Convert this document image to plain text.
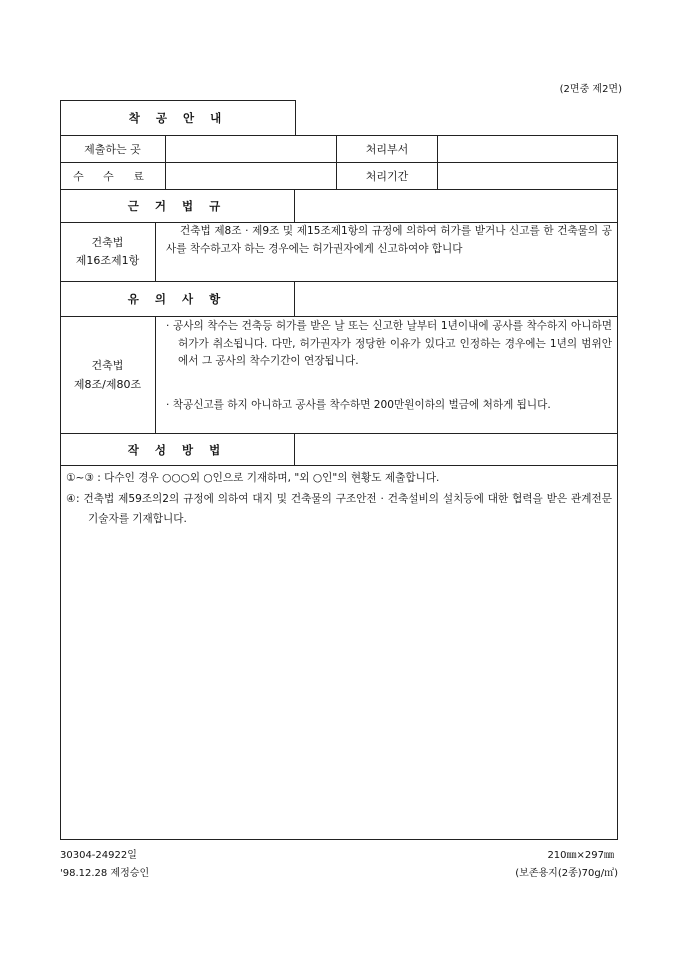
(2면중 제2면)
착 공 안 내
제출하는 곳	처리부서
수 수 료	처리기간
근 거 법 규
건축법
제16조제1항
건축법 제8조 · 제9조 및 제15조제1항의 규정에 의하여 허가를 받거나 신고를 한 건축물의 공사를 착수하고자 하는 경우에는 허가권자에게 신고하여야 합니다
유 의 사 항
건축법
제8조/제80조
· 공사의 착수는 건축등 허가를 받은 날 또는 신고한 날부터 1년이내에 공사를 착수하지 아니하면 허가가 취소됩니다. 다만, 허가권자가 정당한 이유가 있다고 인정하는 경우에는 1년의 범위안에서 그 공사의 착수기간이 연장됩니다.
· 착공신고를 하지 아니하고 공사를 착수하면 200만원이하의 벌금에 처하게 됩니다.
작 성 방 법
①~③ : 다수인 경우 ○○○외 ○인으로 기재하며, "외 ○인"의 현황도 제출합니다.
④: 건축법 제59조의2의 규정에 의하여 대지 및 건축물의 구조안전 · 건축설비의 설치등에 대한 협력을 받은 관계전문기술자를 기재합니다.
30304-24922일
'98.12.28 제정승인
210㎜×297㎜
(보존용지(2종)70g/㎡)
